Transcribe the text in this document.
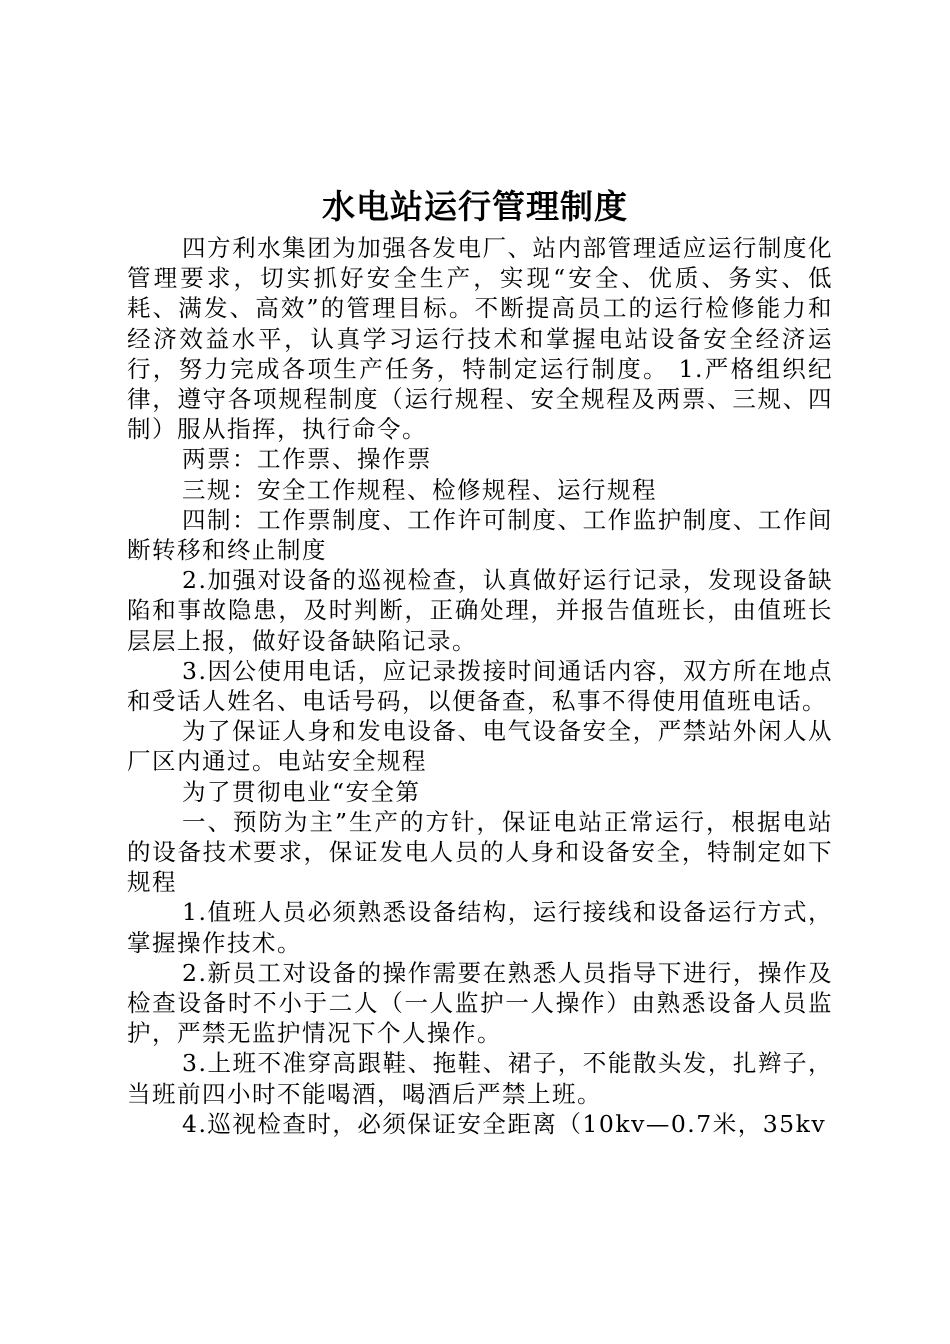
水电站运行管理制度

四方利水集团为加强各发电厂、站内部管理适应运行制度化管理要求，切实抓好安全生产，实现“安全、优质、务实、低耗、满发、高效”的管理目标。不断提高员工的运行检修能力和经济效益水平，认真学习运行技术和掌握电站设备安全经济运行，努力完成各项生产任务，特制定运行制度。 1.严格组织纪律，遵守各项规程制度（运行规程、安全规程及两票、三规、四制）服从指挥，执行命令。

两票：工作票、操作票

三规：安全工作规程、检修规程、运行规程

四制：工作票制度、工作许可制度、工作监护制度、工作间断转移和终止制度

2.加强对设备的巡视检查，认真做好运行记录，发现设备缺陷和事故隐患，及时判断，正确处理，并报告值班长，由值班长层层上报，做好设备缺陷记录。

3.因公使用电话，应记录拨接时间通话内容，双方所在地点和受话人姓名、电话号码，以便备查，私事不得使用值班电话。

为了保证人身和发电设备、电气设备安全，严禁站外闲人从厂区内通过。电站安全规程

为了贯彻电业“安全第

一、预防为主”生产的方针，保证电站正常运行，根据电站的设备技术要求，保证发电人员的人身和设备安全，特制定如下规程

1.值班人员必须熟悉设备结构，运行接线和设备运行方式，掌握操作技术。

2.新员工对设备的操作需要在熟悉人员指导下进行，操作及检查设备时不小于二人（一人监护一人操作）由熟悉设备人员监护，严禁无监护情况下个人操作。

3.上班不准穿高跟鞋、拖鞋、裙子，不能散头发，扎辫子，当班前四小时不能喝酒，喝酒后严禁上班。

4.巡视检查时，必须保证安全距离（10kv—0.7米，35kv
